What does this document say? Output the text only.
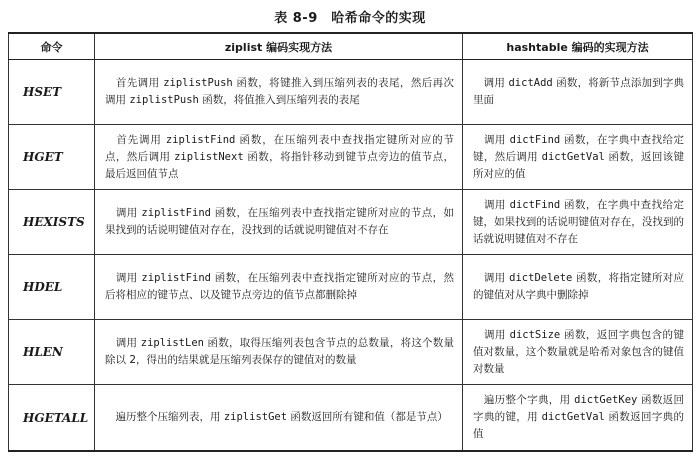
表 8-9　哈希命令的实现
命令	ziplist 编码实现方法	hashtable 编码的实现方法
HSET	　首先调用 ziplistPush 函数，将键推入到压缩列表的表尾，然后再次调用 ziplistPush 函数，将值推入到压缩列表的表尾	　调用 dictAdd 函数，将新节点添加到字典里面
HGET	　首先调用 ziplistFind 函数，在压缩列表中查找指定键所对应的节点，然后调用 ziplistNext 函数，将指针移动到键节点旁边的值节点，最后返回值节点	　调用 dictFind 函数，在字典中查找给定键，然后调用 dictGetVal 函数，返回该键所对应的值
HEXISTS	　调用 ziplistFind 函数，在压缩列表中查找指定键所对应的节点，如果找到的话说明键值对存在，没找到的话就说明键值对不存在	　调用 dictFind 函数，在字典中查找给定键，如果找到的话说明键值对存在，没找到的话就说明键值对不存在
HDEL	　调用 ziplistFind 函数，在压缩列表中查找指定键所对应的节点，然后将相应的键节点、以及键节点旁边的值节点都删除掉	　调用 dictDelete 函数，将指定键所对应的键值对从字典中删除掉
HLEN	　调用 ziplistLen 函数，取得压缩列表包含节点的总数量，将这个数量除以 2，得出的结果就是压缩列表保存的键值对的数量	　调用 dictSize 函数，返回字典包含的键值对数量，这个数量就是哈希对象包含的键值对数量
HGETALL	　遍历整个压缩列表，用 ziplistGet 函数返回所有键和值（都是节点）	　遍历整个字典，用 dictGetKey 函数返回字典的键，用 dictGetVal 函数返回字典的值
